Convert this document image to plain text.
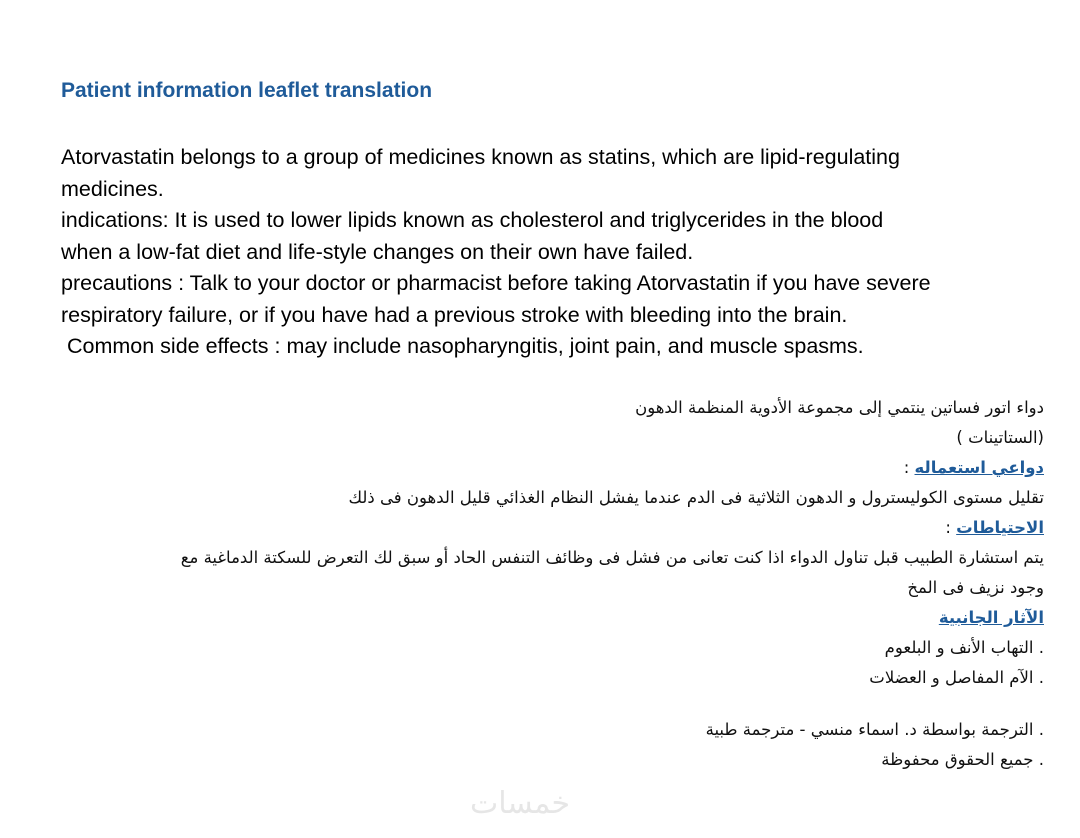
Patient information leaflet translation
Atorvastatin belongs to a group of medicines known as statins, which are lipid-regulating
medicines.
indications: It is used to lower lipids known as cholesterol and triglycerides in the blood
when a low-fat diet and life-style changes on their own have failed.
precautions : Talk to your doctor or pharmacist before taking Atorvastatin if you have severe
respiratory failure, or if you have had a previous stroke with bleeding into the brain.
Common side effects : may include nasopharyngitis, joint pain, and muscle spasms.
دواء اتور فساتين ينتمي إلى مجموعة الأدوية المنظمة الدهون
(الستاتينات )
دواعي استعماله :
تقليل مستوى الكوليسترول و الدهون الثلاثية فى الدم عندما يفشل النظام الغذائي قليل الدهون فى ذلك
الاحتياطات :
يتم استشارة الطبيب قبل تناول الدواء اذا كنت تعانى من فشل فى وظائف التنفس الحاد أو سبق لك التعرض للسكتة الدماغية مع
وجود نزيف فى المخ
الآثار الجانبية
. التهاب الأنف و البلعوم
. الآم المفاصل و العضلات
. الترجمة بواسطة د. اسماء منسي - مترجمة طبية
. جميع الحقوق محفوظة
خمسات
